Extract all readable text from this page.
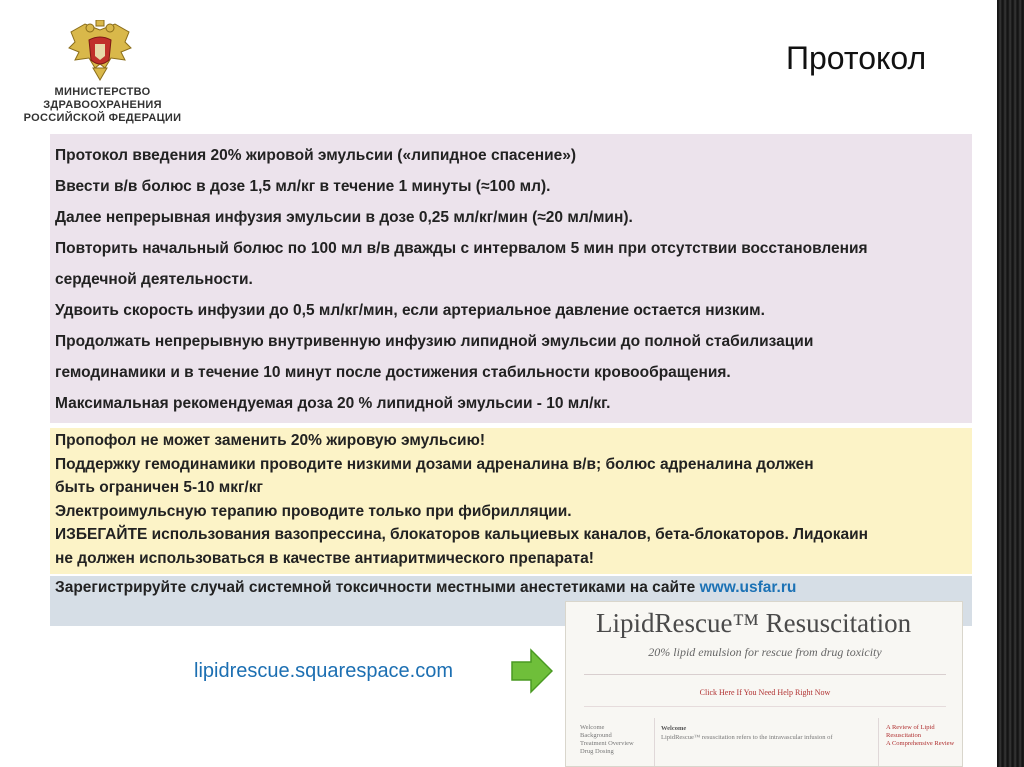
МИНИСТЕРСТВО
ЗДРАВООХРАНЕНИЯ
РОССИЙСКОЙ ФЕДЕРАЦИИ
Протокол

Протокол введения 20% жировой эмульсии («липидное спасение»)

Ввести в/в болюс в дозе 1,5 мл/кг в течение 1 минуты (≈100 мл).

Далее непрерывная инфузия эмульсии в дозе 0,25 мл/кг/мин (≈20 мл/мин).

Повторить начальный болюс по 100 мл в/в дважды с интервалом 5 мин при отсутствии восстановления

сердечной деятельности.

Удвоить скорость инфузии до 0,5 мл/кг/мин, если артериальное давление остается низким.

Продолжать непрерывную внутривенную инфузию липидной эмульсии до полной стабилизации

гемодинамики и в течение 10 минут после достижения стабильности кровообращения.

Максимальная рекомендуемая доза 20 % липидной эмульсии - 10 мл/кг.

Пропофол не может заменить 20% жировую эмульсию!

Поддержку гемодинамики проводите низкими дозами адреналина в/в; болюс адреналина должен

быть ограничен 5-10 мкг/кг

Электроимульсную терапию проводите только при фибрилляции.

ИЗБЕГАЙТЕ использования вазопрессина, блокаторов кальциевых каналов, бета-блокаторов. Лидокаин

не должен использоваться в качестве антиаритмического препарата!

Зарегистрируйте случай системной токсичности местными анестетиками на сайте www.usfar.ru
lipidrescue.squarespace.com
LipidRescue™ Resuscitation
20% lipid emulsion for rescue from drug toxicity
Click Here If You Need Help Right Now
Welcome
Background
Treatment Overview
Drug Dosing
Welcome
LipidRescue™ resuscitation refers to the intravascular infusion of
A Review of Lipid
Resuscitation
A Comprehensive Review
